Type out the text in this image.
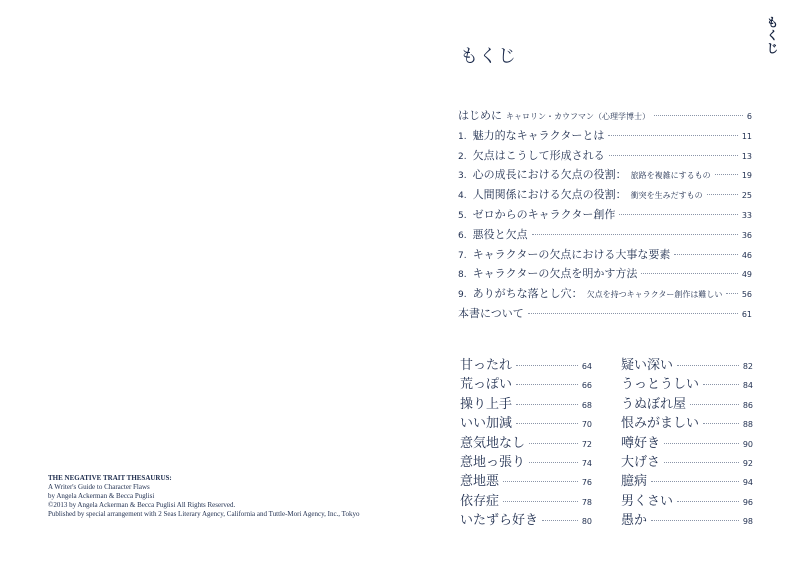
もくじ
もくじ
はじめに キャロリン・カウフマン（心理学博士）	6
1. 魅力的なキャラクターとは	11
2. 欠点はこうして形成される	13
3. 心の成長における欠点の役割： 旅路を複雑にするもの	19
4. 人間関係における欠点の役割： 衝突を生みだすもの	25
5. ゼロからのキャラクター創作	33
6. 悪役と欠点	36
7. キャラクターの欠点における大事な要素	46
8. キャラクターの欠点を明かす方法	49
9. ありがちな落とし穴： 欠点を持つキャラクター創作は難しい 56
本書について	61
甘ったれ	64
荒っぽい	66
操り上手	68
いい加減	70
意気地なし	72
意地っ張り	74
意地悪	76
依存症	78
いたずら好き	80
疑い深い	82
うっとうしい	84
うぬぼれ屋	86
恨みがましい	88
噂好き	90
大げさ	92
臆病	94
男くさい	96
愚か	98
THE NEGATIVE TRAIT THESAURUS:
A Writer's Guide to Character Flaws
by Angela Ackerman & Becca Puglisi
©2013 by Angela Ackerman & Becca Puglisi All Rights Reserved.
Published by special arrangement with 2 Seas Literary Agency, California and Tuttle-Mori Agency, Inc., Tokyo
